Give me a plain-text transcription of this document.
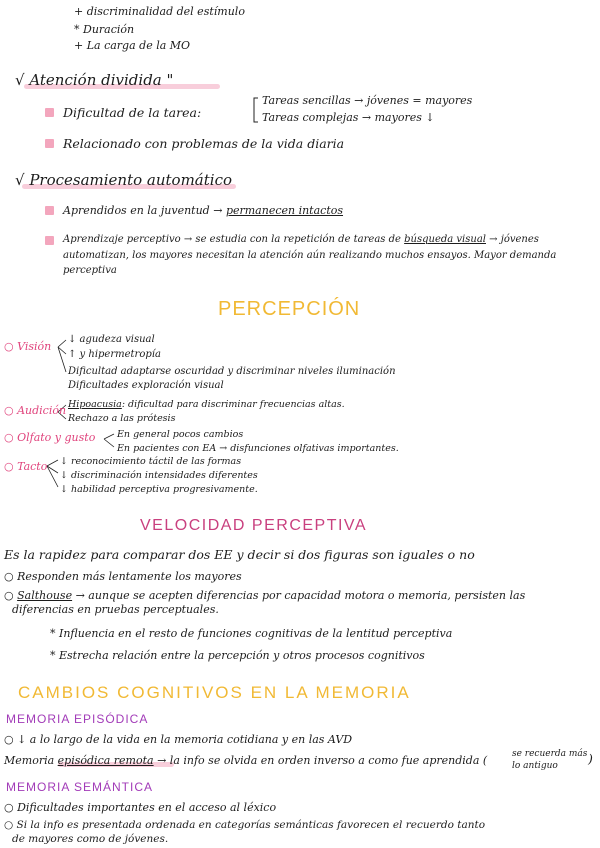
+ discriminalidad del estímulo
* Duración
+ La carga de la MO
√ Atención dividida "
Dificultad de la tarea:
Tareas sencillas → jóvenes = mayores
Tareas complejas → mayores ↓
Relacionado con problemas de la vida diaria
√ Procesamiento automático
Aprendidos en la juventud → permanecen intactos
Aprendizaje perceptivo → se estudia con la repetición de tareas de búsqueda visual → jóvenes
automatizan, los mayores necesitan la atención aún realizando muchos ensayos. Mayor demanda
perceptiva
PERCEPCIÓN
○ Visión
↓ agudeza visual
↑ y hipermetropía
Dificultad adaptarse oscuridad y discriminar niveles iluminación
Dificultades exploración visual
○ Audición Hipoacusia: dificultad para discriminar frecuencias altas.
Rechazo a las prótesis
○ Olfato y gusto En general pocos cambios
En pacientes con EA → disfunciones olfativas importantes.
○ Tacto ↓ reconocimiento táctil de las formas
↓ discriminación intensidades diferentes
↓ habilidad perceptiva progresivamente.
VELOCIDAD PERCEPTIVA
Es la rapidez para comparar dos EE y decir si dos figuras son iguales o no
○ Responden más lentamente los mayores
○ Salthouse → aunque se acepten diferencias por capacidad motora o memoria, persisten las
diferencias en pruebas perceptuales.
* Influencia en el resto de funciones cognitivas de la lentitud perceptiva
* Estrecha relación entre la percepción y otros procesos cognitivos
CAMBIOS COGNITIVOS EN LA MEMORIA
MEMORIA EPISÓDICA
○ ↓ a lo largo de la vida en la memoria cotidiana y en las AVD
Memoria episódica remota → la info se olvida en orden inverso a como fue aprendida (	se recuerda más
lo antiguo )
MEMORIA SEMÁNTICA
○ Dificultades importantes en el acceso al léxico
○ Si la info es presentada ordenada en categorías semánticas favorecen el recuerdo tanto
de mayores como de jóvenes.
